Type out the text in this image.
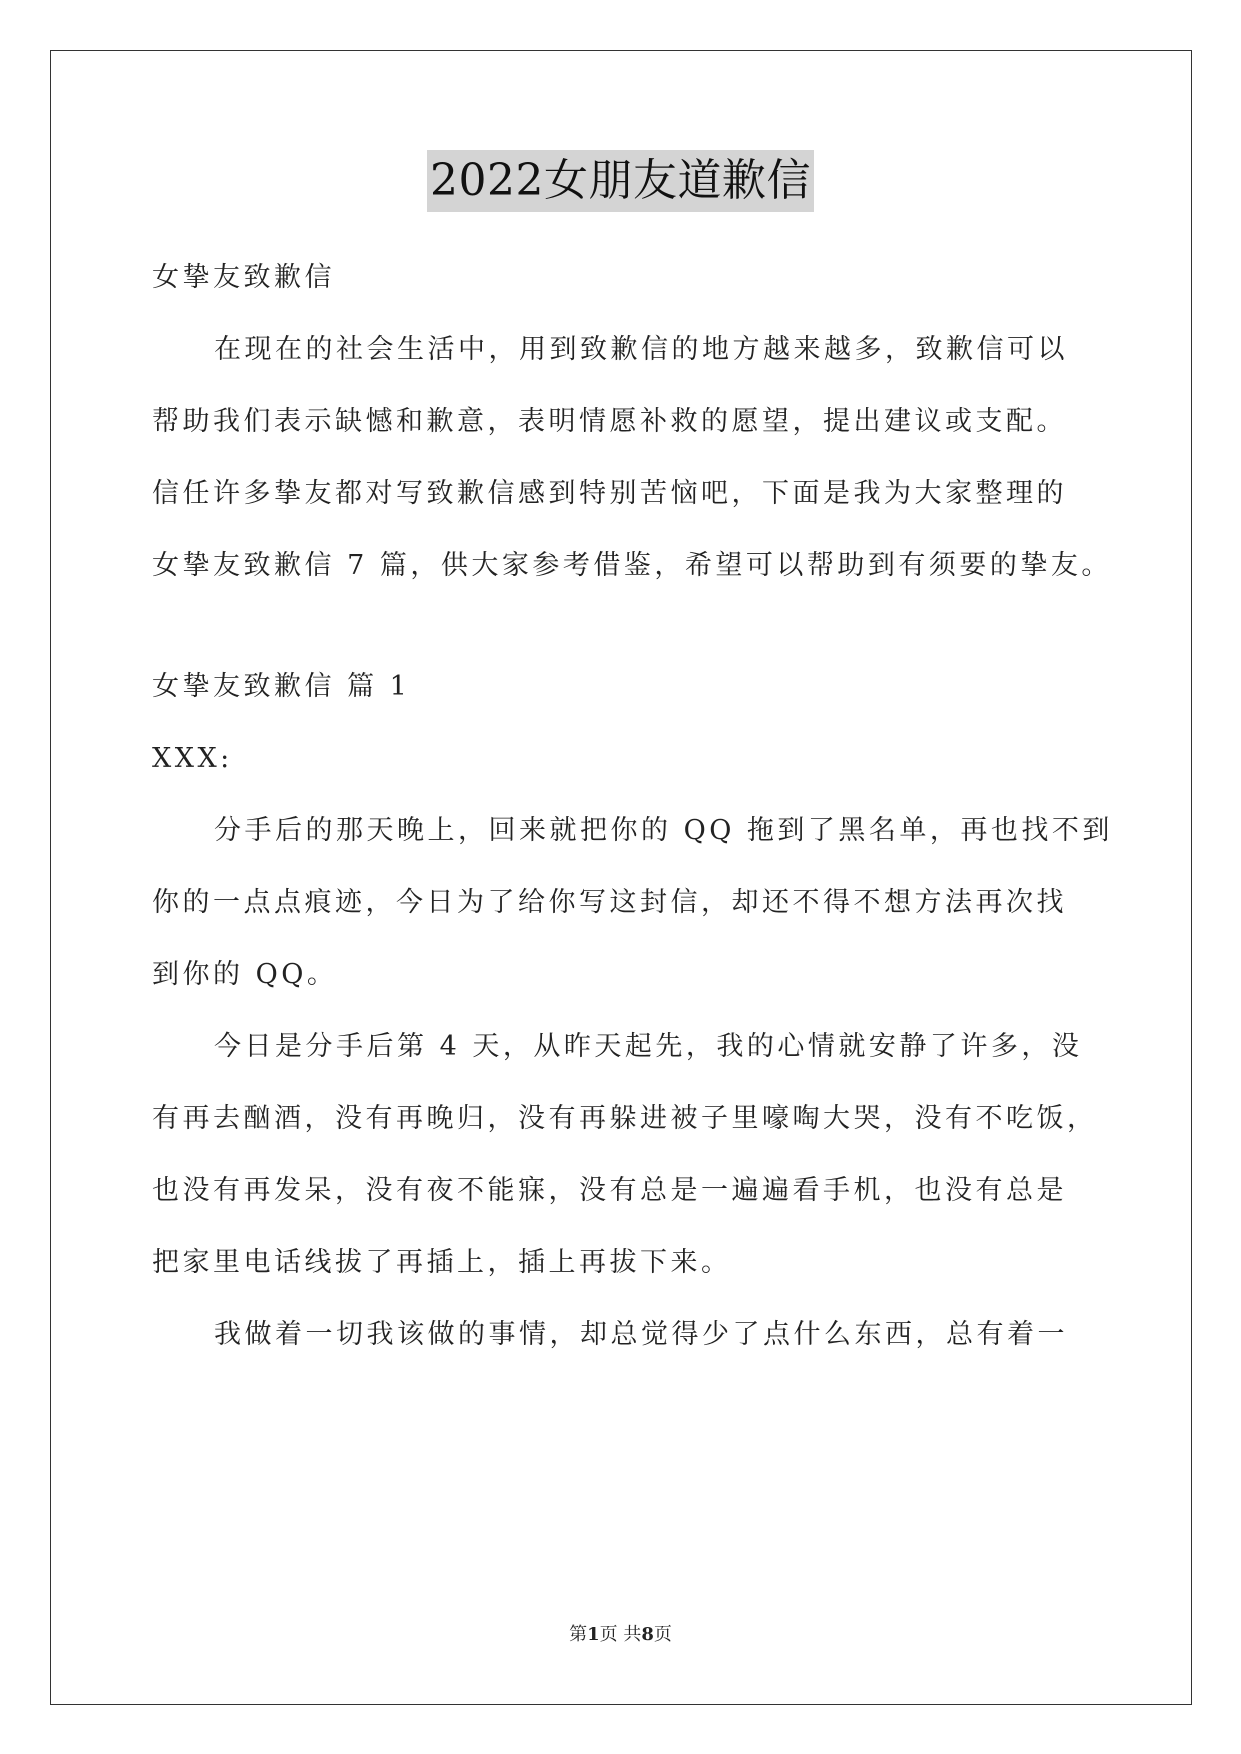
2022女朋友道歉信
女挚友致歉信
在现在的社会生活中，用到致歉信的地方越来越多，致歉信可以
帮助我们表示缺憾和歉意，表明情愿补救的愿望，提出建议或支配。
信任许多挚友都对写致歉信感到特别苦恼吧，下面是我为大家整理的
女挚友致歉信 7 篇，供大家参考借鉴，希望可以帮助到有须要的挚友。
女挚友致歉信 篇 1
XXX:
分手后的那天晚上，回来就把你的 QQ 拖到了黑名单，再也找不到
你的一点点痕迹，今日为了给你写这封信，却还不得不想方法再次找
到你的 QQ。
今日是分手后第 4 天，从昨天起先，我的心情就安静了许多，没
有再去酗酒，没有再晚归，没有再躲进被子里嚎啕大哭，没有不吃饭，
也没有再发呆，没有夜不能寐，没有总是一遍遍看手机，也没有总是
把家里电话线拔了再插上，插上再拔下来。
我做着一切我该做的事情，却总觉得少了点什么东西，总有着一
第1页 共8页
